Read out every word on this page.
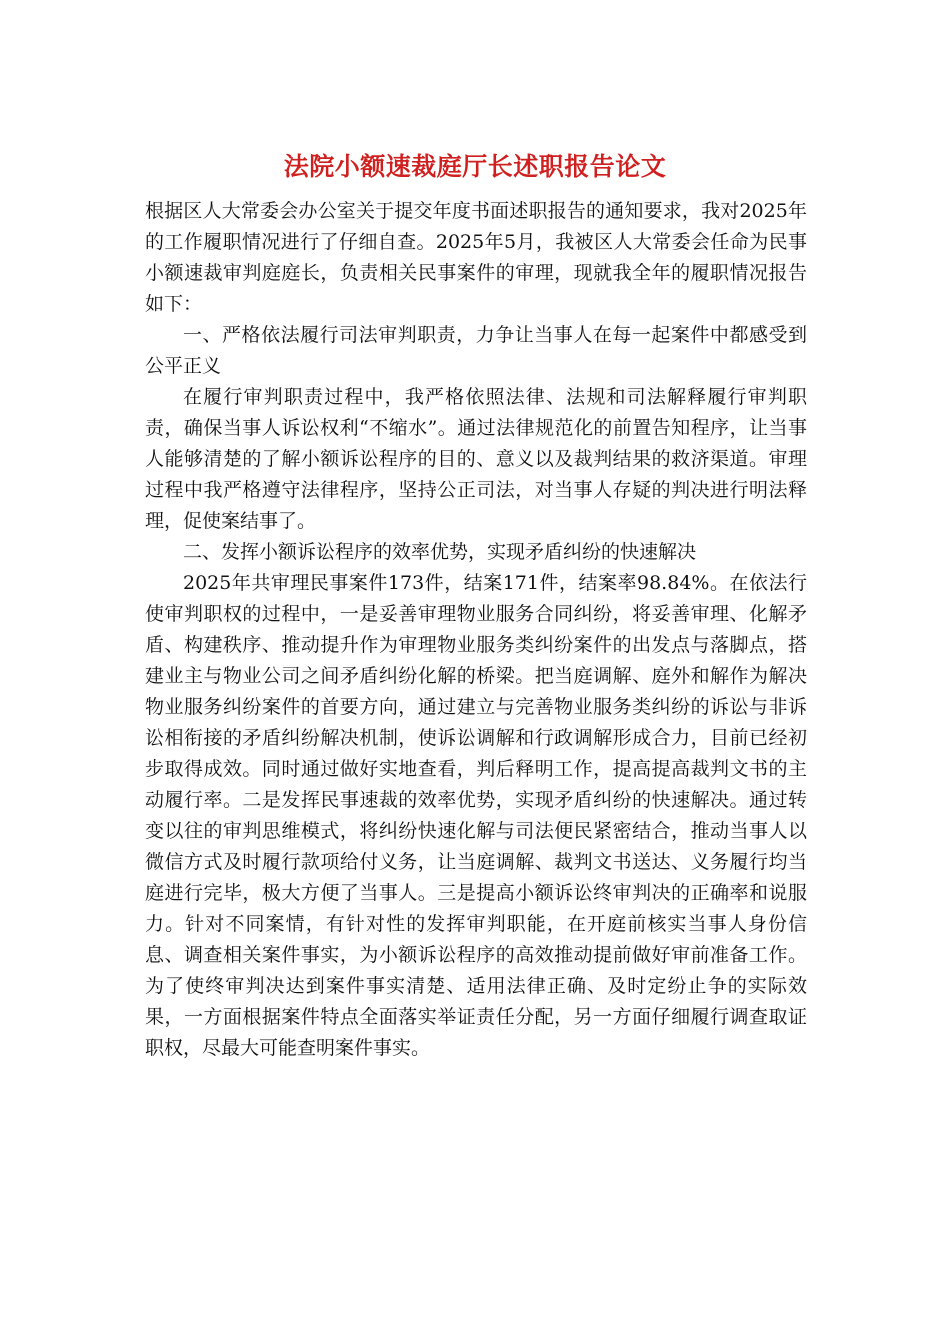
法院小额速裁庭厅长述职报告论文

根据区人大常委会办公室关于提交年度书面述职报告的通知要求，我对2025年的工作履职情况进行了仔细自查。2025年5月，我被区人大常委会任命为民事小额速裁审判庭庭长，负责相关民事案件的审理，现就我全年的履职情况报告如下：

一、严格依法履行司法审判职责，力争让当事人在每一起案件中都感受到公平正义

在履行审判职责过程中，我严格依照法律、法规和司法解释履行审判职责，确保当事人诉讼权利“不缩水”。通过法律规范化的前置告知程序，让当事人能够清楚的了解小额诉讼程序的目的、意义以及裁判结果的救济渠道。审理过程中我严格遵守法律程序，坚持公正司法，对当事人存疑的判决进行明法释理，促使案结事了。

二、发挥小额诉讼程序的效率优势，实现矛盾纠纷的快速解决

2025年共审理民事案件173件，结案171件，结案率98.84%。在依法行使审判职权的过程中，一是妥善审理物业服务合同纠纷，将妥善审理、化解矛盾、构建秩序、推动提升作为审理物业服务类纠纷案件的出发点与落脚点，搭建业主与物业公司之间矛盾纠纷化解的桥梁。把当庭调解、庭外和解作为解决物业服务纠纷案件的首要方向，通过建立与完善物业服务类纠纷的诉讼与非诉讼相衔接的矛盾纠纷解决机制，使诉讼调解和行政调解形成合力，目前已经初步取得成效。同时通过做好实地查看，判后释明工作，提高提高裁判文书的主动履行率。二是发挥民事速裁的效率优势，实现矛盾纠纷的快速解决。通过转变以往的审判思维模式，将纠纷快速化解与司法便民紧密结合，推动当事人以微信方式及时履行款项给付义务，让当庭调解、裁判文书送达、义务履行均当庭进行完毕，极大方便了当事人。三是提高小额诉讼终审判决的正确率和说服力。针对不同案情，有针对性的发挥审判职能，在开庭前核实当事人身份信息、调查相关案件事实，为小额诉讼程序的高效推动提前做好审前准备工作。为了使终审判决达到案件事实清楚、适用法律正确、及时定纷止争的实际效果，一方面根据案件特点全面落实举证责任分配，另一方面仔细履行调查取证职权，尽最大可能查明案件事实。
